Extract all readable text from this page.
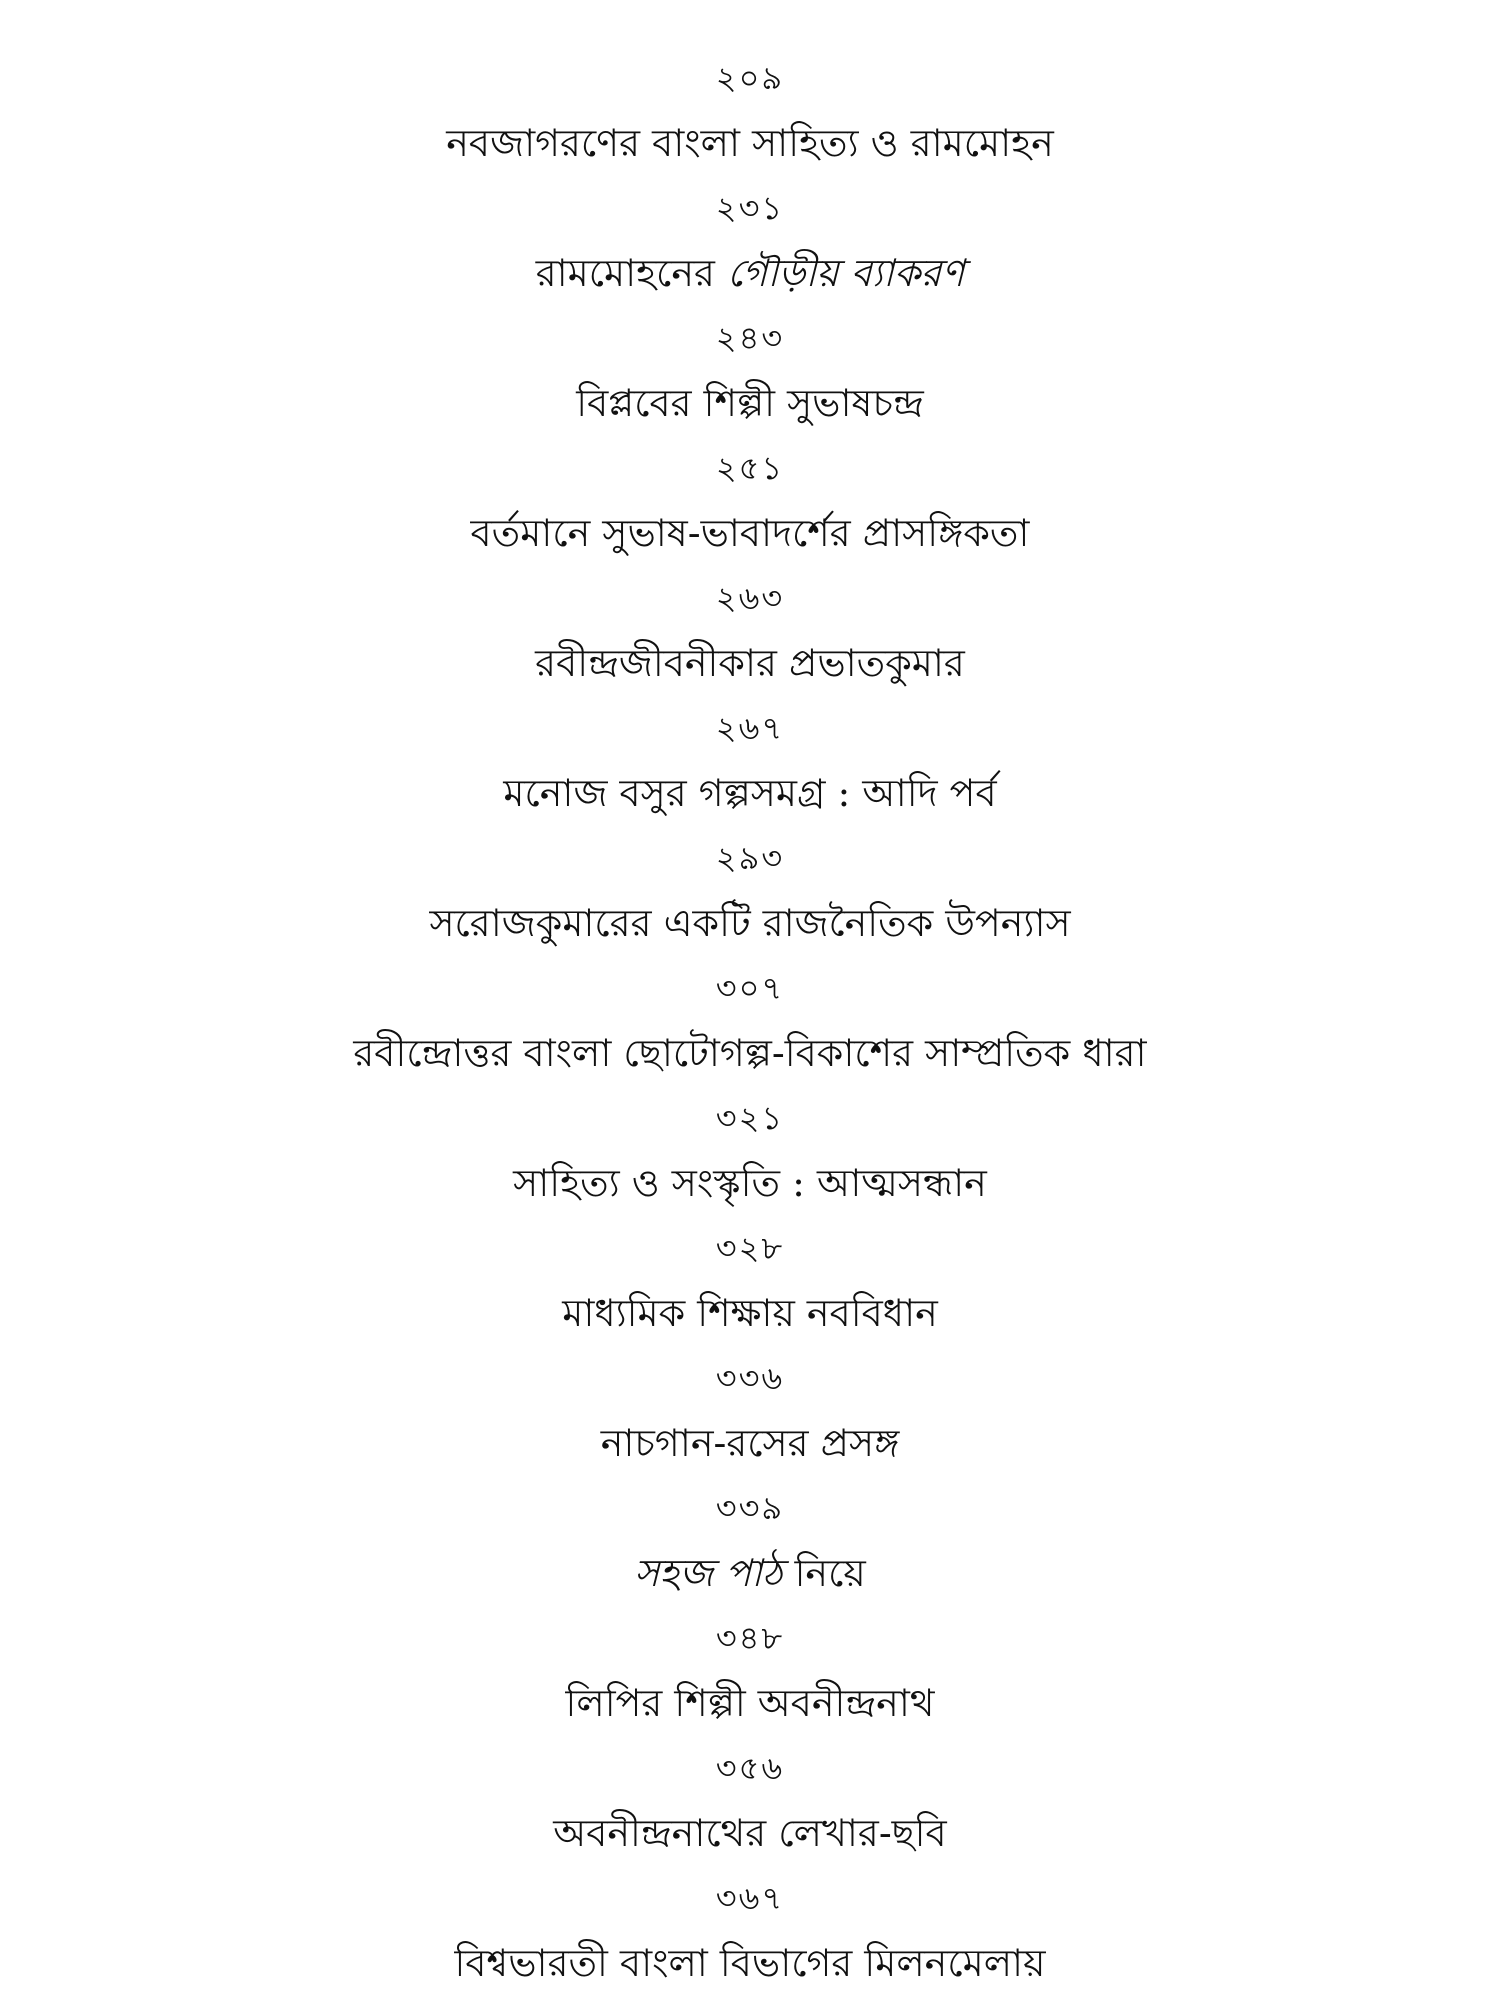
২০৯
নবজাগরণের বাংলা সাহিত্য ও রামমোহন
২৩১
রামমোহনের গৌড়ীয় ব্যাকরণ
২৪৩
বিপ্লবের শিল্পী সুভাষচন্দ্র
২৫১
বর্তমানে সুভাষ-ভাবাদর্শের প্রাসঙ্গিকতা
২৬৩
রবীন্দ্রজীবনীকার প্রভাতকুমার
২৬৭
মনোজ বসুর গল্পসমগ্র : আদি পর্ব
২৯৩
সরোজকুমারের একটি রাজনৈতিক উপন্যাস
৩০৭
রবীন্দ্রোত্তর বাংলা ছোটোগল্প-বিকাশের সাম্প্রতিক ধারা
৩২১
সাহিত্য ও সংস্কৃতি : আত্মসন্ধান
৩২৮
মাধ্যমিক শিক্ষায় নববিধান
৩৩৬
নাচগান-রসের প্রসঙ্গ
৩৩৯
সহজ পাঠ নিয়ে
৩৪৮
লিপির শিল্পী অবনীন্দ্রনাথ
৩৫৬
অবনীন্দ্রনাথের লেখার-ছবি
৩৬৭
বিশ্বভারতী বাংলা বিভাগের মিলনমেলায়
